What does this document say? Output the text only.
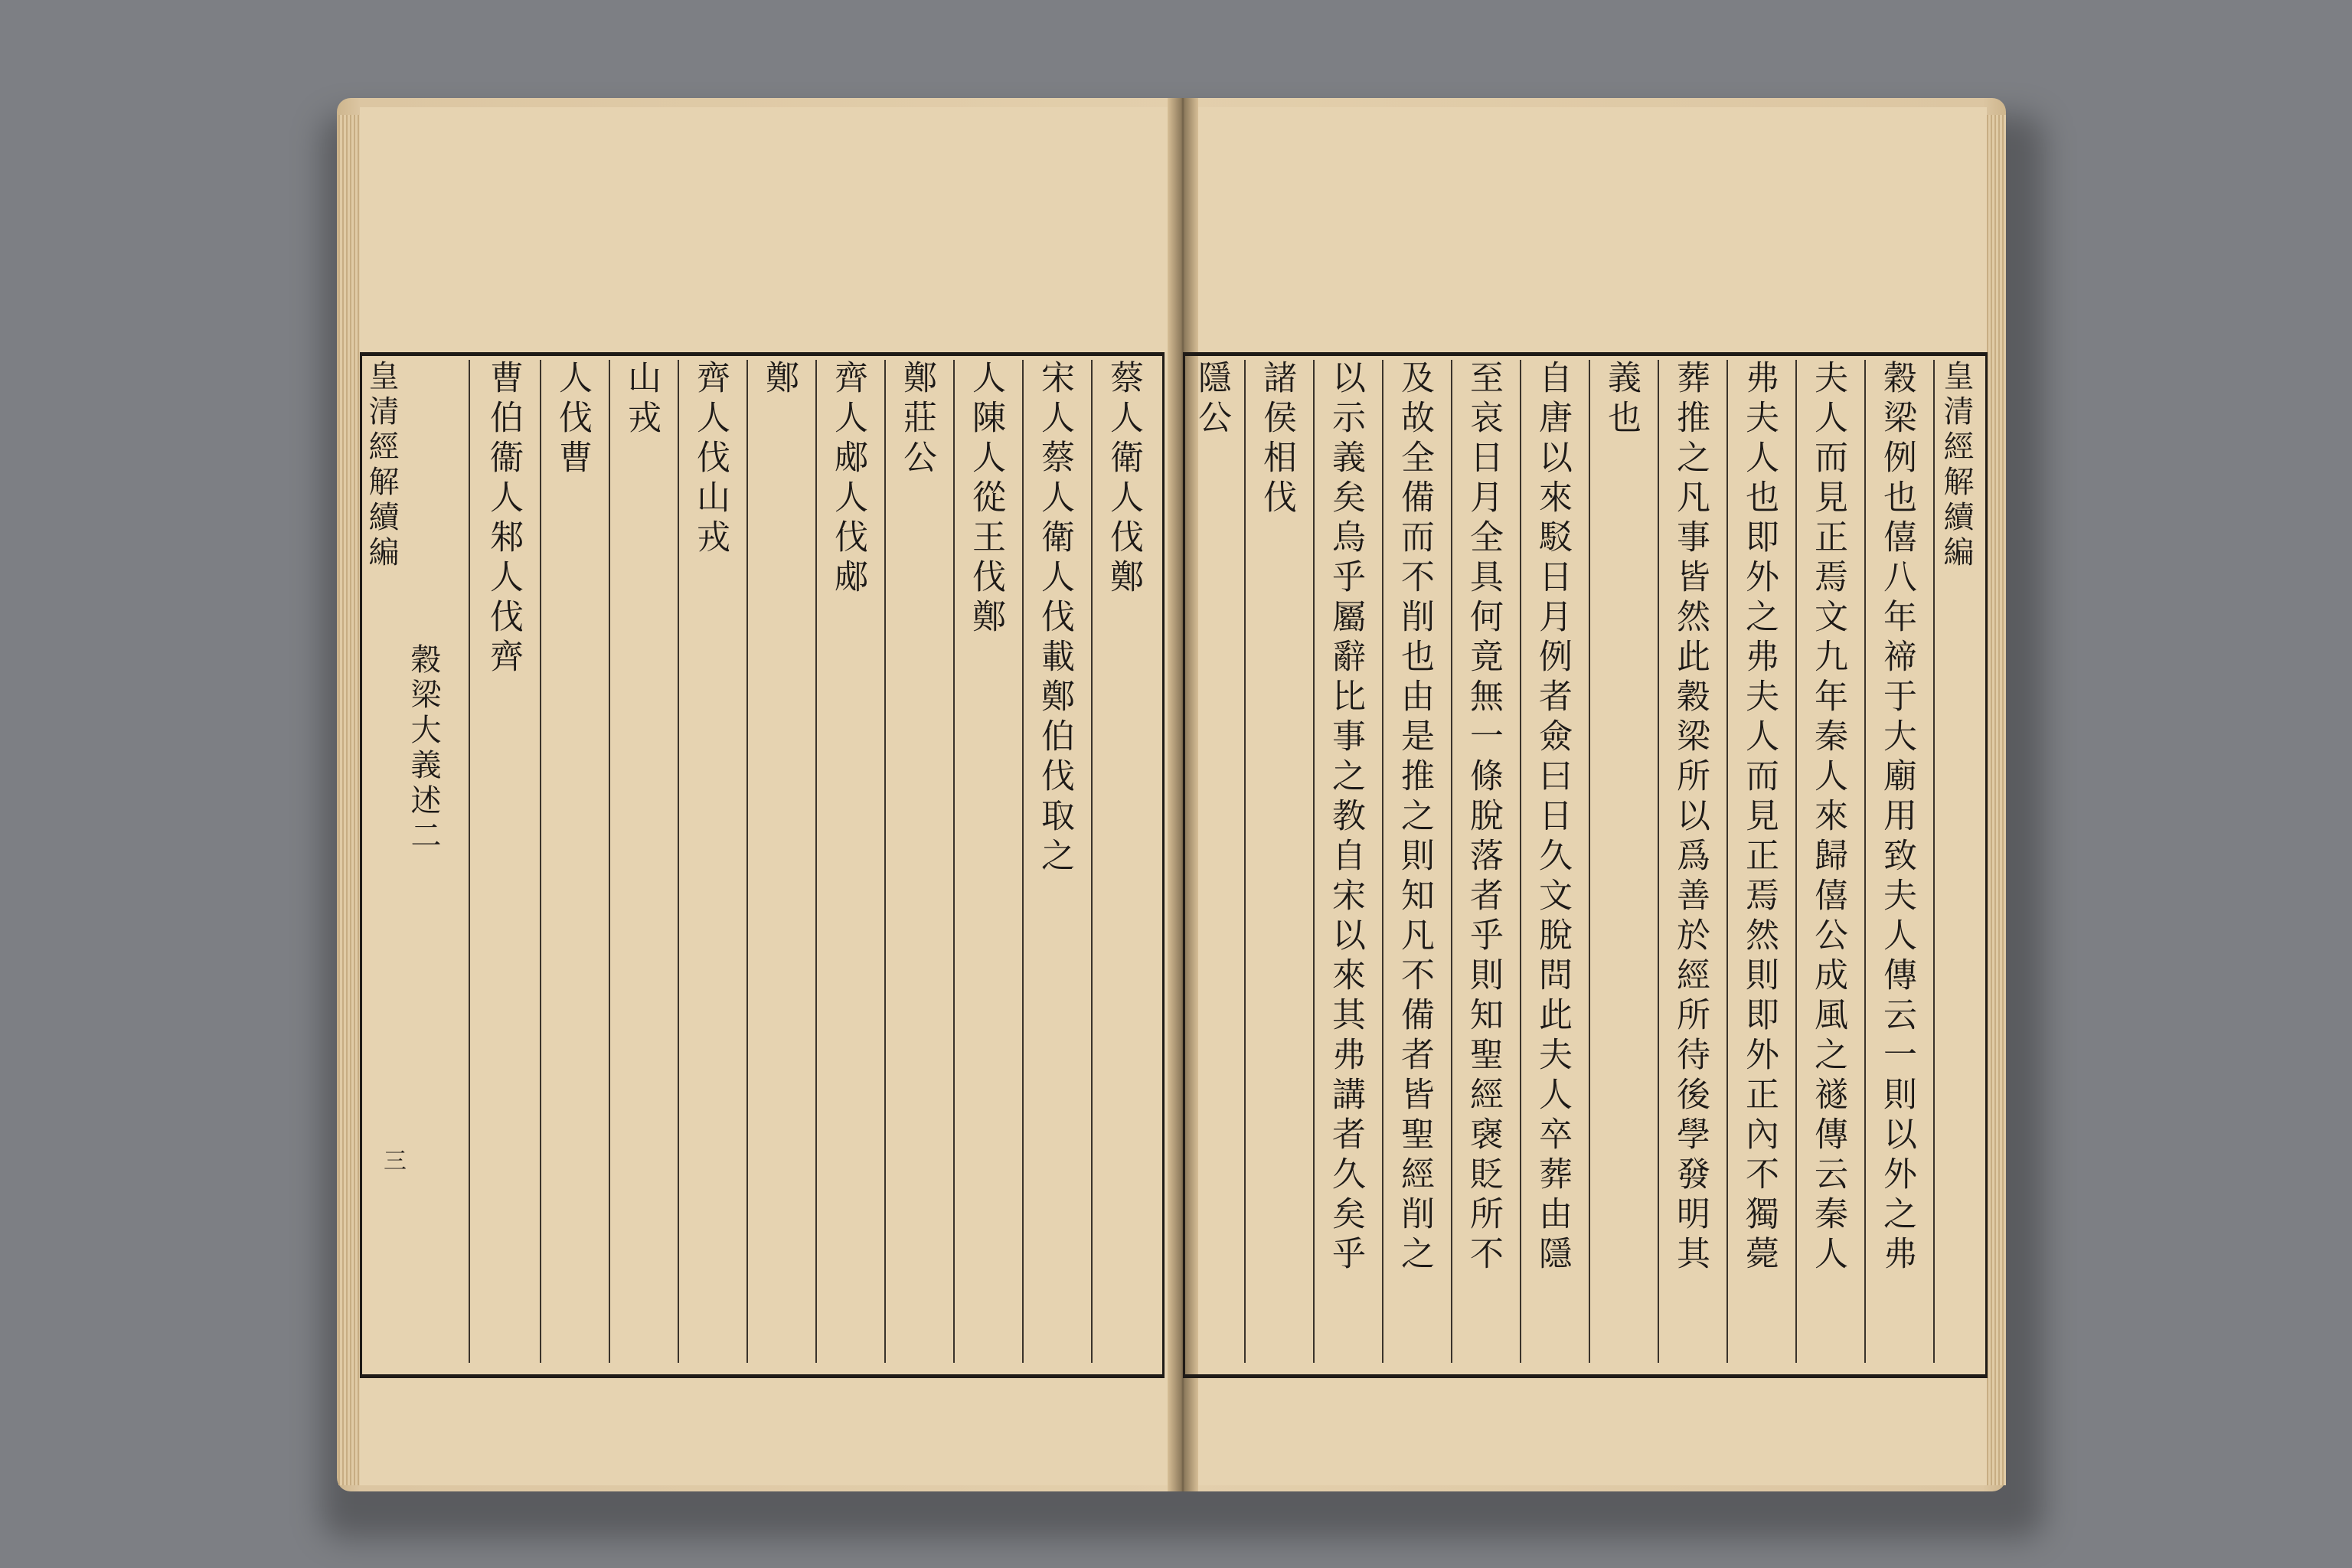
皇清經解續編
穀梁大義述二
三
蔡人衛人伐鄭
宋人蔡人衛人伐載鄭伯伐取之
人陳人從王伐鄭
鄭莊公
齊人郕人伐郕
鄭
齊人伐山戎
山戎
人伐曹
曹伯衞人邾人伐齊	皇清經解續編
穀梁例也僖八年禘于大廟用致夫人傳云一則以外之弗
夫人而見正焉文九年秦人來歸僖公成風之禭傳云秦人
弗夫人也即外之弗夫人而見正焉然則即外正內不獨薨
葬推之凡事皆然此穀梁所以爲善於經所待後學發明其
義也
自唐以來駁日月例者僉曰日久文脫問此夫人卒葬由隱
至哀日月全具何竟無一條脫落者乎則知聖經襃貶所不
及故全備而不削也由是推之則知凡不備者皆聖經削之
以示義矣烏乎屬辭比事之教自宋以來其弗講者久矣乎
諸侯相伐
隱公
